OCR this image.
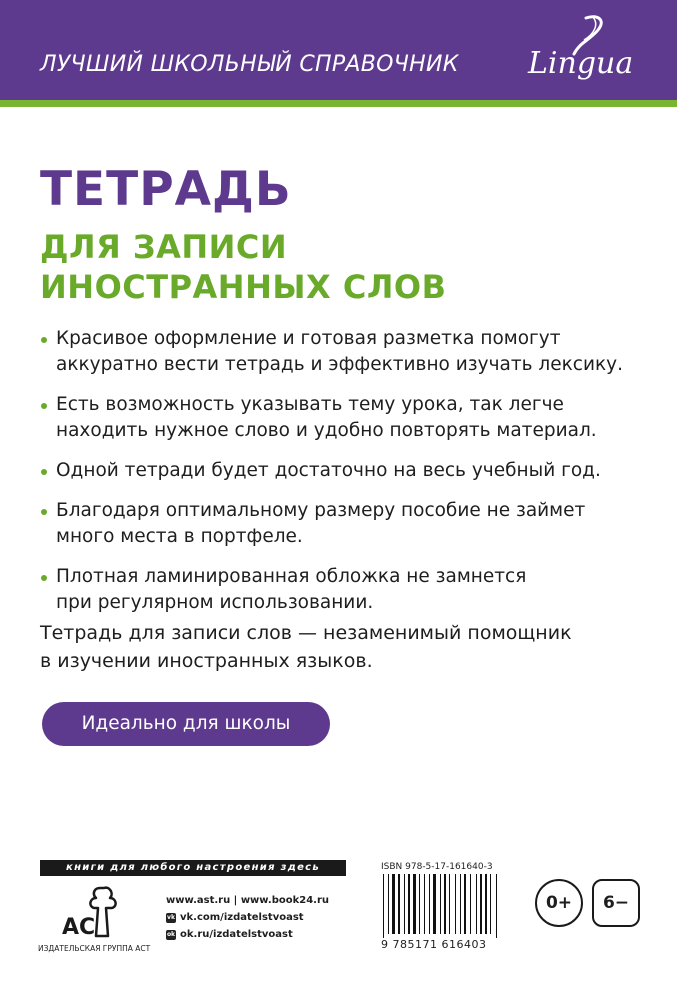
ЛУЧШИЙ ШКОЛЬНЫЙ СПРАВОЧНИК Lingua
ТЕТРАДЬ
ДЛЯ ЗАПИСИ
ИНОСТРАННЫХ СЛОВ
Красивое оформление и готовая разметка помогут
аккуратно вести тетрадь и эффективно изучать лексику.
Есть возможность указывать тему урока, так легче
находить нужное слово и удобно повторять материал.
Одной тетради будет достаточно на весь учебный год.
Благодаря оптимальному размеру пособие не займет
много места в портфеле.
Плотная ламинированная обложка не замнется
при регулярном использовании.
Тетрадь для записи слов — незаменимый помощник
в изучении иностранных языков.
Идеально для школы
книги для любого настроения здесь
AC
ИЗДАТЕЛЬСКАЯ ГРУППА АСТ
www.ast.ru | www.book24.ru
vk vk.com/izdatelstvoast
ok ok.ru/izdatelstvoast
ISBN 978-5-17-161640-3
9 785171 616403
0+	6−
